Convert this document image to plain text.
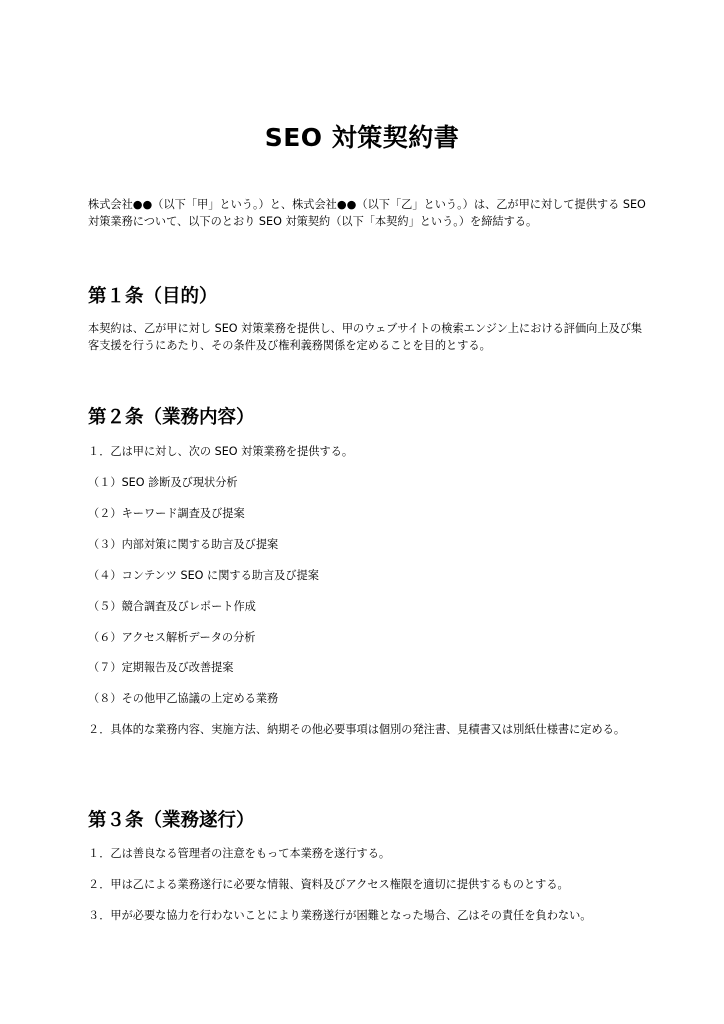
SEO 対策契約書

株式会社●●（以下「甲」という。）と、株式会社●●（以下「乙」という。）は、乙が甲に対して提供する SEO 対策業務について、以下のとおり SEO 対策契約（以下「本契約」という。）を締結する。

第１条（目的）

本契約は、乙が甲に対し SEO 対策業務を提供し、甲のウェブサイトの検索エンジン上における評価向上及び集客支援を行うにあたり、その条件及び権利義務関係を定めることを目的とする。

第２条（業務内容）

１．乙は甲に対し、次の SEO 対策業務を提供する。

（１）SEO 診断及び現状分析

（２）キーワード調査及び提案

（３）内部対策に関する助言及び提案

（４）コンテンツ SEO に関する助言及び提案

（５）競合調査及びレポート作成

（６）アクセス解析データの分析

（７）定期報告及び改善提案

（８）その他甲乙協議の上定める業務

２．具体的な業務内容、実施方法、納期その他必要事項は個別の発注書、見積書又は別紙仕様書に定める。

第３条（業務遂行）

１．乙は善良なる管理者の注意をもって本業務を遂行する。

２．甲は乙による業務遂行に必要な情報、資料及びアクセス権限を適切に提供するものとする。

３．甲が必要な協力を行わないことにより業務遂行が困難となった場合、乙はその責任を負わない。
